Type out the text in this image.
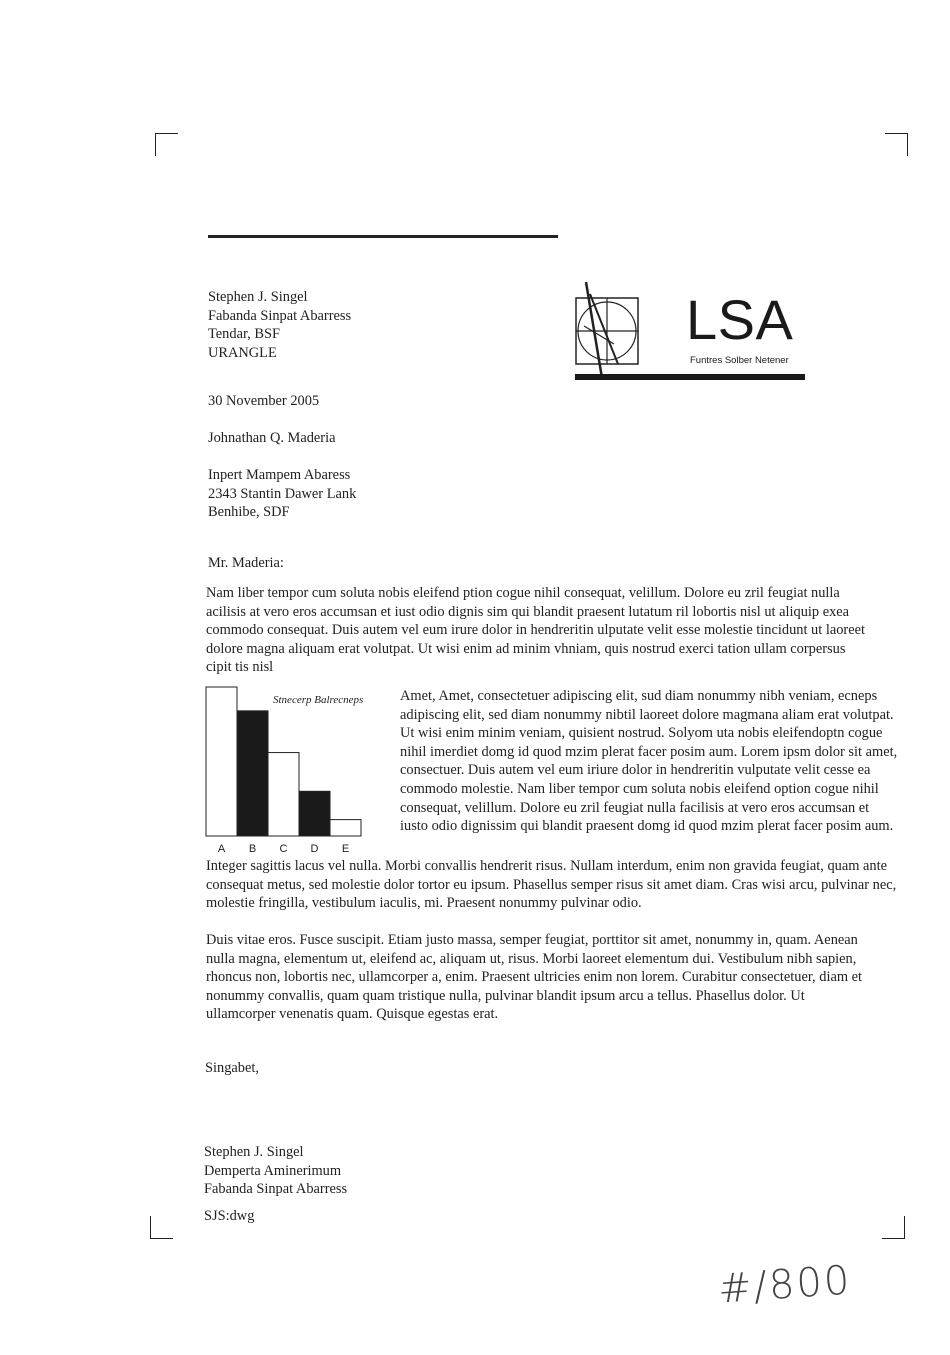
Stephen J. Singel
Fabanda Sinpat Abarress
Tendar, BSF
URANGLE
LSA
Funtres Solber Netener
30 November 2005
Johnathan Q. Maderia
Inpert Mampem Abaress
2343 Stantin Dawer Lank
Benhibe, SDF
Mr. Maderia:
Nam liber tempor cum soluta nobis eleifend ption cogue nihil consequat, velillum. Dolore eu zril feugiat nulla acilisis at vero eros accumsan et iust odio dignis sim qui blandit praesent lutatum ril lobortis nisl ut aliquip exea commodo consequat. Duis autem vel eum irure dolor in hendreritin ulputate velit esse molestie tincidunt ut laoreet dolore magna aliquam erat volutpat. Ut wisi enim ad minim vhniam, quis nostrud exerci tation ullam corpersus cipit tis nisl
A B C D E
Stnecerp Balrecneps	Amet, Amet, consectetuer adipiscing elit, sud diam nonummy nibh veniam, ecneps adipiscing elit, sed diam nonummy nibtil laoreet dolore magmana aliam erat volutpat. Ut wisi enim minim veniam, quisient nostrud. Solyom uta nobis eleifendoptn cogue nihil imerdiet domg id quod mzim plerat facer posim aum. Lorem ipsm dolor sit amet, consectuer. Duis autem vel eum iriure dolor in hendreritin vulputate velit cesse ea commodo molestie. Nam liber tempor cum soluta nobis eleifend option cogue nihil consequat, velillum. Dolore eu zril feugiat nulla facilisis at vero eros accumsan et iusto odio dignissim qui blandit praesent domg id quod mzim plerat facer posim aum.
Integer sagittis lacus vel nulla. Morbi convallis hendrerit risus. Nullam interdum, enim non gravida feugiat, quam ante consequat metus, sed molestie dolor tortor eu ipsum. Phasellus semper risus sit amet diam. Cras wisi arcu, pulvinar nec, molestie fringilla, vestibulum iaculis, mi. Praesent nonummy pulvinar odio.
Duis vitae eros. Fusce suscipit. Etiam justo massa, semper feugiat, porttitor sit amet, nonummy in, quam. Aenean nulla magna, elementum ut, eleifend ac, aliquam ut, risus. Morbi laoreet elementum dui. Vestibulum nibh sapien, rhoncus non, lobortis nec, ullamcorper a, enim. Praesent ultricies enim non lorem. Curabitur consectetuer, diam et nonummy convallis, quam quam tristique nulla, pulvinar blandit ipsum arcu a tellus. Phasellus dolor. Ut ullamcorper venenatis quam. Quisque egestas erat.
Singabet,
Stephen J. Singel
Demperta Aminerimum
Fabanda Sinpat Abarress
SJS:dwg
#/800
